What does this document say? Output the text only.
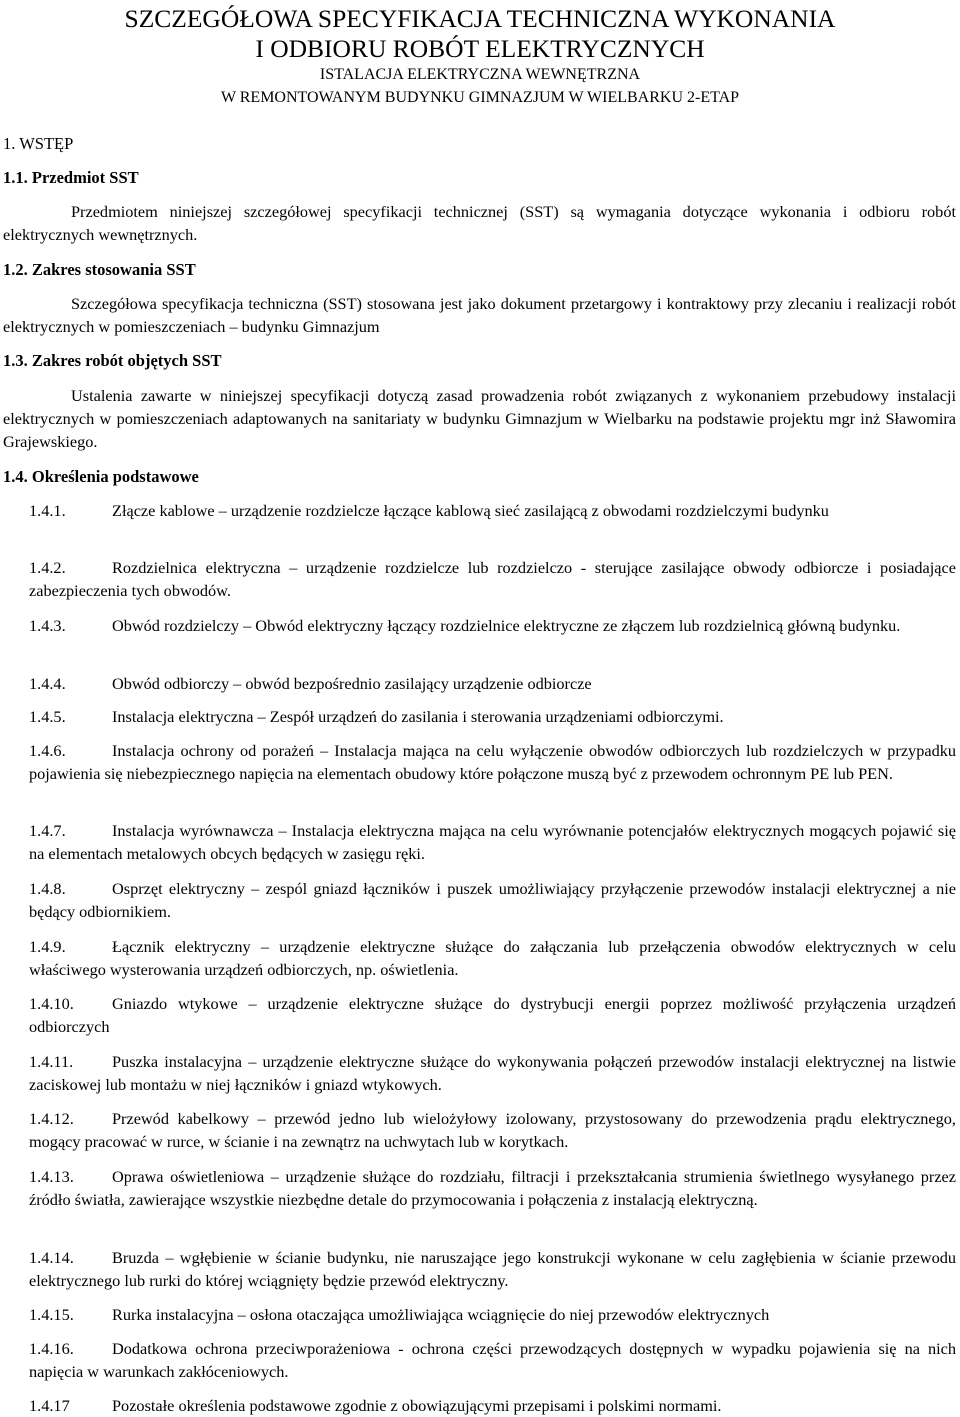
SZCZEGÓŁOWA SPECYFIKACJA TECHNICZNA WYKONANIA
I ODBIORU ROBÓT ELEKTRYCZNYCH
ISTALACJA ELEKTRYCZNA WEWNĘTRZNA
W REMONTOWANYM BUDYNKU GIMNAZJUM W WIELBARKU 2-ETAP
1. WSTĘP
1.1. Przedmiot SST
Przedmiotem niniejszej szczegółowej specyfikacji technicznej (SST) są wymagania dotyczące wykonania i odbioru robót elektrycznych wewnętrznych.
1.2. Zakres stosowania SST
Szczegółowa specyfikacja techniczna (SST) stosowana jest jako dokument przetargowy i kontraktowy przy zlecaniu i realizacji robót elektrycznych w pomieszczeniach – budynku Gimnazjum
1.3. Zakres robót objętych SST
Ustalenia zawarte w niniejszej specyfikacji dotyczą zasad prowadzenia robót związanych z wykonaniem przebudowy instalacji elektrycznych w pomieszczeniach adaptowanych na sanitariaty w budynku Gimnazjum w Wielbarku na podstawie projektu mgr inż Sławomira Grajewskiego.
1.4. Określenia podstawowe
1.4.1.	Złącze kablowe – urządzenie rozdzielcze łączące kablową sieć zasilającą z obwodami rozdzielczymi budynku
1.4.2.	Rozdzielnica elektryczna – urządzenie rozdzielcze lub rozdzielczo - sterujące zasilające obwody odbiorcze i posiadające zabezpieczenia tych obwodów.
1.4.3.	Obwód rozdzielczy – Obwód elektryczny łączący rozdzielnice elektryczne ze złączem lub rozdzielnicą główną budynku.
1.4.4.	Obwód odbiorczy – obwód bezpośrednio zasilający urządzenie odbiorcze
1.4.5.	Instalacja elektryczna – Zespół urządzeń do zasilania i sterowania urządzeniami odbiorczymi.
1.4.6.	Instalacja ochrony od porażeń – Instalacja mająca na celu wyłączenie obwodów odbiorczych lub rozdzielczych w przypadku pojawienia się niebezpiecznego napięcia na elementach obudowy które połączone muszą być z przewodem ochronnym PE lub PEN.
1.4.7.	Instalacja wyrównawcza – Instalacja elektryczna mająca na celu wyrównanie potencjałów elektrycznych mogących pojawić się na elementach metalowych obcych będących w zasięgu ręki.
1.4.8.	Osprzęt elektryczny – zespól gniazd łączników i puszek umożliwiający przyłączenie przewodów instalacji elektrycznej a nie będący odbiornikiem.
1.4.9.	Łącznik elektryczny – urządzenie elektryczne służące do załączania lub przełączenia obwodów elektrycznych w celu właściwego wysterowania urządzeń odbiorczych, np. oświetlenia.
1.4.10. Gniazdo wtykowe – urządzenie elektryczne służące do dystrybucji energii poprzez możliwość przyłączenia urządzeń odbiorczych
1.4.11. Puszka instalacyjna – urządzenie elektryczne służące do wykonywania połączeń przewodów instalacji elektrycznej na listwie zaciskowej lub montażu w niej łączników i gniazd wtykowych.
1.4.12. Przewód kabelkowy – przewód jedno lub wielożyłowy izolowany, przystosowany do przewodzenia prądu elektrycznego, mogący pracować w rurce, w ścianie i na zewnątrz na uchwytach lub w korytkach.
1.4.13. Oprawa oświetleniowa – urządzenie służące do rozdziału, filtracji i przekształcania strumienia świetlnego wysyłanego przez źródło światła, zawierające wszystkie niezbędne detale do przymocowania i połączenia z instalacją elektryczną.
1.4.14. Bruzda – wgłębienie w ścianie budynku, nie naruszające jego konstrukcji wykonane w celu zagłębienia w ścianie przewodu elektrycznego lub rurki do której wciągnięty będzie przewód elektryczny.
1.4.15. Rurka instalacyjna – osłona otaczająca umożliwiająca wciągnięcie do niej przewodów elektrycznych
1.4.16. Dodatkowa ochrona przeciwporażeniowa - ochrona części przewodzących dostępnych w wypadku pojawienia się na nich napięcia w warunkach zakłóceniowych.
1.4.17	Pozostałe określenia podstawowe zgodnie z obowiązującymi przepisami i polskimi normami.
